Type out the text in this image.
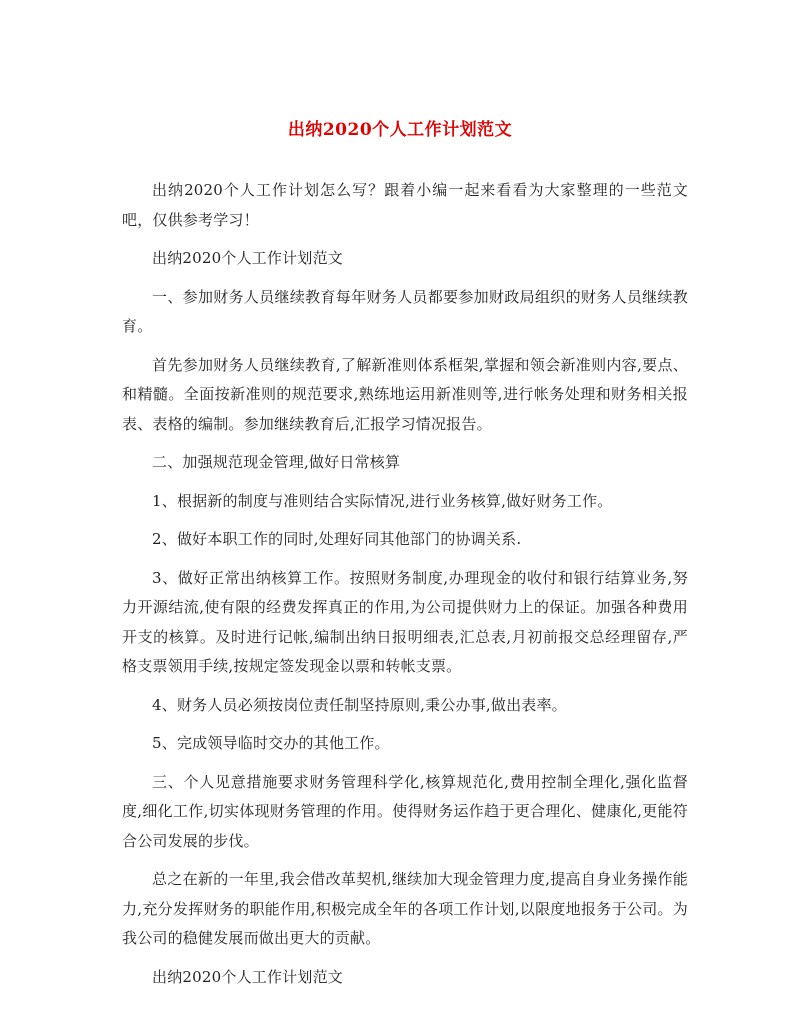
出纳2020个人工作计划范文

出纳2020个人工作计划怎么写？跟着小编一起来看看为大家整理的一些范文吧，仅供参考学习！

出纳2020个人工作计划范文

一、参加财务人员继续教育每年财务人员都要参加财政局组织的财务人员继续教育。

首先参加财务人员继续教育,了解新准则体系框架,掌握和领会新准则内容,要点、和精髓。全面按新准则的规范要求,熟练地运用新准则等,进行帐务处理和财务相关报表、表格的编制。参加继续教育后,汇报学习情况报告。

二、加强规范现金管理,做好日常核算

1、根据新的制度与准则结合实际情况,进行业务核算,做好财务工作。

2、做好本职工作的同时,处理好同其他部门的协调关系.

3、做好正常出纳核算工作。按照财务制度,办理现金的收付和银行结算业务,努力开源结流,使有限的经费发挥真正的作用,为公司提供财力上的保证。加强各种费用开支的核算。及时进行记帐,编制出纳日报明细表,汇总表,月初前报交总经理留存,严格支票领用手续,按规定签发现金以票和转帐支票。

4、财务人员必须按岗位责任制坚持原则,秉公办事,做出表率。

5、完成领导临时交办的其他工作。

三、个人见意措施要求财务管理科学化,核算规范化,费用控制全理化,强化监督度,细化工作,切实体现财务管理的作用。使得财务运作趋于更合理化、健康化,更能符合公司发展的步伐。

总之在新的一年里,我会借改革契机,继续加大现金管理力度,提高自身业务操作能力,充分发挥财务的职能作用,积极完成全年的各项工作计划,以限度地报务于公司。为我公司的稳健发展而做出更大的贡献。

出纳2020个人工作计划范文
